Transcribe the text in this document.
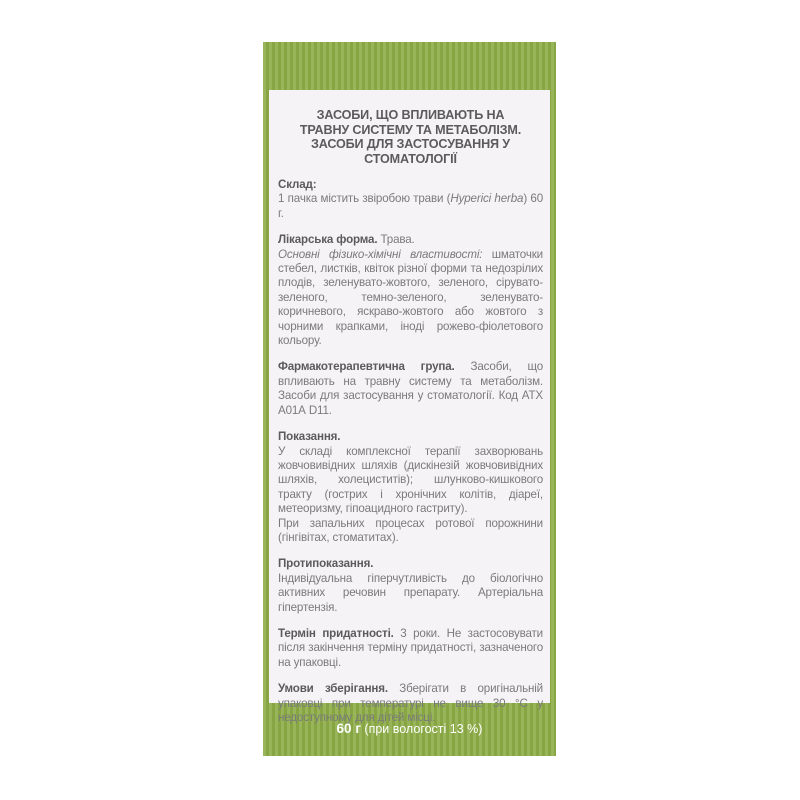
ЗАСОБИ, ЩО ВПЛИВАЮТЬ НА
ТРАВНУ СИСТЕМУ ТА МЕТАБОЛІЗМ.
ЗАСОБИ ДЛЯ ЗАСТОСУВАННЯ У
СТОМАТОЛОГІЇ
Склад:
1 пачка містить звіробою трави (Hyperici herba) 60 г.
Лікарська форма. Трава.
Основні фізико-хімічні властивості: шматочки стебел, листків, квіток різної форми та недозрілих плодів, зеленувато-жовтого, зеленого, сірувато-зеленого, темно-зеленого, зеленувато-коричневого, яскраво-жовтого або жовтого з чорними крапками, іноді рожево-фіолетового кольору.
Фармакотерапевтична група. Засоби, що впливають на травну систему та метаболізм. Засоби для застосування у стоматології. Код АТХ А01А D11.
Показання.
У складі комплексної терапії захворювань жовчовивідних шляхів (дискінезій жовчовивідних шляхів, холециститів); шлунково-кишкового тракту (гострих і хронічних колітів, діареї, метеоризму, гіпоацидного гастриту).
При запальних процесах ротової порожнини (гінгівітах, стоматитах).
Протипоказання.
Індивідуальна гіперчутливість до біологічно активних речовин препарату. Артеріальна гіпертензія.
Термін придатності. 3 роки. Не застосовувати після закінчення терміну придатності, зазначеного на упаковці.
Умови зберігання. Зберігати в оригінальній упаковці при температурі не вище 30 °С у недоступному для дітей місці.
60 г (при вологості 13 %)
